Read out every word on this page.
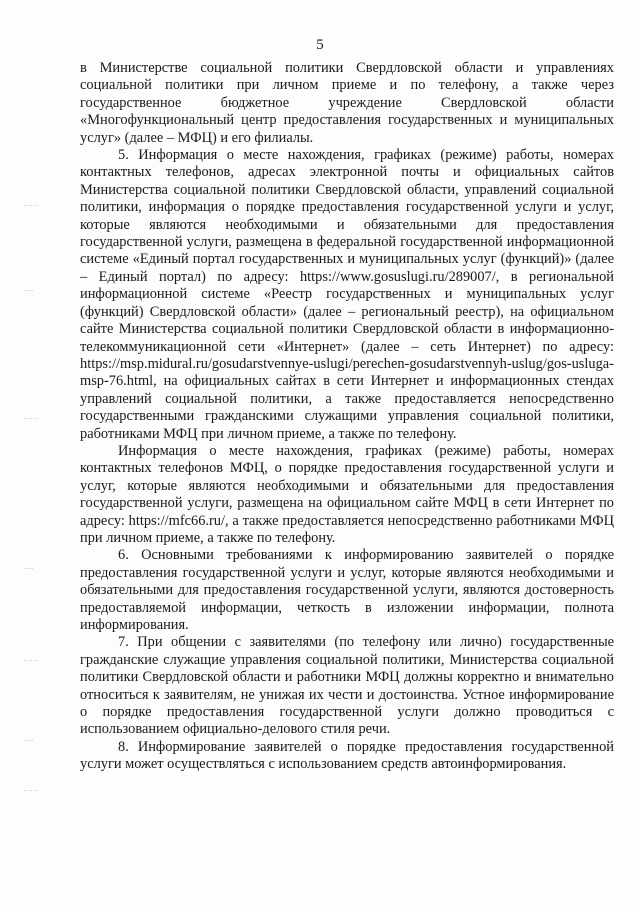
5

в Министерстве социальной политики Свердловской области и управлениях социальной политики при личном приеме и по телефону, а также через государственное бюджетное учреждение Свердловской области «Многофункциональный центр предоставления государственных и муниципальных услуг» (далее – МФЦ) и его филиалы.

5. Информация о месте нахождения, графиках (режиме) работы, номерах контактных телефонов, адресах электронной почты и официальных сайтов Министерства социальной политики Свердловской области, управлений социальной политики, информация о порядке предоставления государственной услуги и услуг, которые являются необходимыми и обязательными для предоставления государственной услуги, размещена в федеральной государственной информационной системе «Единый портал государственных и муниципальных услуг (функций)» (далее – Единый портал) по адресу: https://www.gosuslugi.ru/289007/, в региональной информационной системе «Реестр государственных и муниципальных услуг (функций) Свердловской области» (далее – региональный реестр), на официальном сайте Министерства социальной политики Свердловской области в информационно-телекоммуникационной сети «Интернет» (далее – сеть Интернет) по адресу: https://msp.midural.ru/gosudarstvennye-uslugi/perechen-gosudarstvennyh-uslug/gos-usluga-msp-76.html, на официальных сайтах в сети Интернет и информационных стендах управлений социальной политики, а также предоставляется непосредственно государственными гражданскими служащими управления социальной политики, работниками МФЦ при личном приеме, а также по телефону.

Информация о месте нахождения, графиках (режиме) работы, номерах контактных телефонов МФЦ, о порядке предоставления государственной услуги и услуг, которые являются необходимыми и обязательными для предоставления государственной услуги, размещена на официальном сайте МФЦ в сети Интернет по адресу: https://mfc66.ru/, а также предоставляется непосредственно работниками МФЦ при личном приеме, а также по телефону.

6. Основными требованиями к информированию заявителей о порядке предоставления государственной услуги и услуг, которые являются необходимыми и обязательными для предоставления государственной услуги, являются достоверность предоставляемой информации, четкость в изложении информации, полнота информирования.

7. При общении с заявителями (по телефону или лично) государственные гражданские служащие управления социальной политики, Министерства социальной политики Свердловской области и работники МФЦ должны корректно и внимательно относиться к заявителям, не унижая их чести и достоинства. Устное информирование о порядке предоставления государственной услуги должно проводиться с использованием официально-делового стиля речи.

8. Информирование заявителей о порядке предоставления государственной услуги может осуществляться с использованием средств автоинформирования.
